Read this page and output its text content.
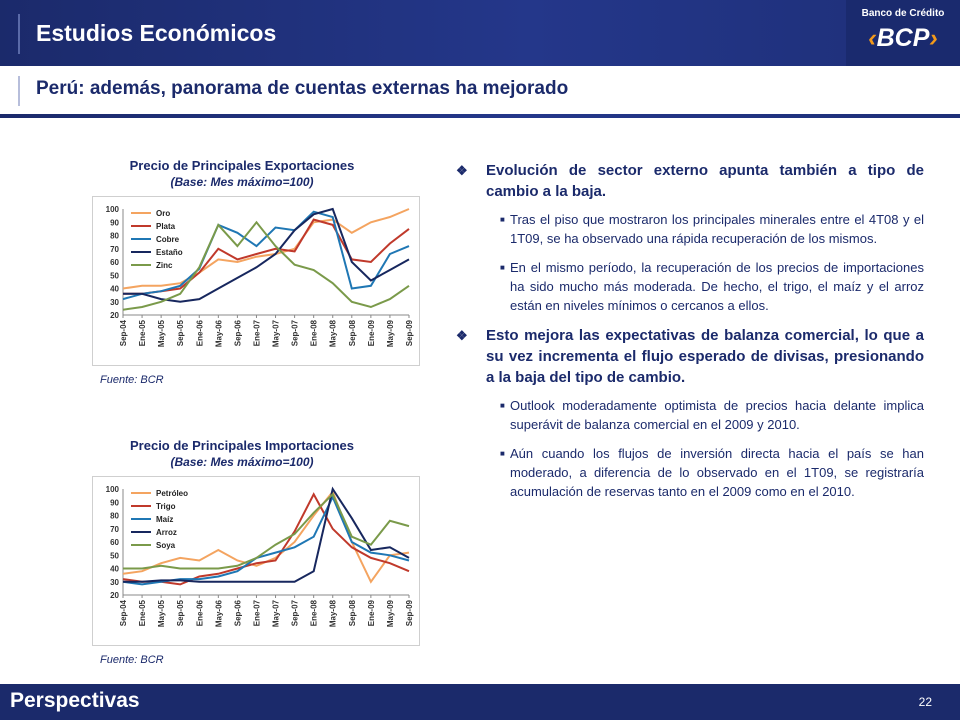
Estudios Económicos
Perú: además, panorama de cuentas externas ha mejorado
Banco de Crédito
‹BCP›
Precio de Principales Exportaciones
(Base: Mes máximo=100)
20
30
40
50
60
70
80
90
100
Sep-04 Ene-05 May-05 Sep-05 Ene-06 May-06 Sep-06 Ene-07 May-07 Sep-07 Ene-08 May-08 Sep-08 Ene-09 May-09 Sep-09
Oro
Plata
Cobre
Estaño
Zinc
Fuente: BCR
Precio de Principales Importaciones
(Base: Mes máximo=100)
20
30
40
50
60
70
80
90
100
Sep-04 Ene-05 May-05 Sep-05 Ene-06 May-06 Sep-06 Ene-07 May-07 Sep-07 Ene-08 May-08 Sep-08 Ene-09 May-09 Sep-09
Petróleo
Trigo
Maíz
Arroz
Soya
Fuente: BCR
❖ Evolución de sector externo apunta también a tipo de cambio a la baja.
■ Tras el piso que mostraron los principales minerales entre el 4T08 y el 1T09, se ha observado una rápida recuperación de los mismos.
■ En el mismo período, la recuperación de los precios de importaciones ha sido mucho más moderada. De hecho, el trigo, el maíz y el arroz están en niveles mínimos o cercanos a ellos.
❖ Esto mejora las expectativas de balanza comercial, lo que a su vez incrementa el flujo esperado de divisas, presionando a la baja del tipo de cambio.
■ Outlook moderadamente optimista de precios hacia delante implica superávit de balanza comercial en el 2009 y 2010.
■ Aún cuando los flujos de inversión directa hacia el país se han moderado, a diferencia de lo observado en el 1T09, se registraría acumulación de reservas tanto en el 2009 como en el 2010.
Perspectivas	22
